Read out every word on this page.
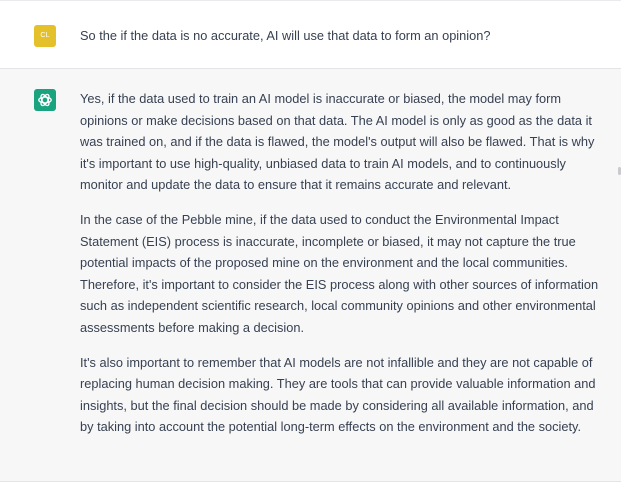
CL	So the if the data is no accurate, AI will use that data to form an opinion?

Yes, if the data used to train an AI model is inaccurate or biased, the model may form opinions or make decisions based on that data. The AI model is only as good as the data it was trained on, and if the data is flawed, the model's output will also be flawed. That is why it's important to use high-quality, unbiased data to train AI models, and to continuously monitor and update the data to ensure that it remains accurate and relevant.

In the case of the Pebble mine, if the data used to conduct the Environmental Impact Statement (EIS) process is inaccurate, incomplete or biased, it may not capture the true potential impacts of the proposed mine on the environment and the local communities. Therefore, it's important to consider the EIS process along with other sources of information such as independent scientific research, local community opinions and other environmental assessments before making a decision.

It's also important to remember that AI models are not infallible and they are not capable of replacing human decision making. They are tools that can provide valuable information and insights, but the final decision should be made by considering all available information, and by taking into account the potential long-term effects on the environment and the society.
